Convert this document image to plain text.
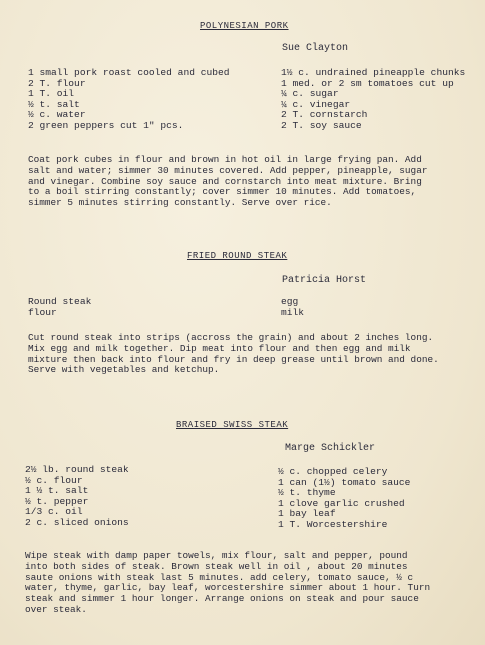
POLYNESIAN PORK
Sue Clayton
1 small pork roast cooled and cubed
2 T. flour
1 T. oil
½ t. salt
½ c. water
2 green peppers cut 1" pcs.
1½ c. undrained pineapple chunks
1 med. or 2 sm tomatoes cut up
¼ c. sugar
¼ c. vinegar
2 T. cornstarch
2 T. soy sauce
Coat pork cubes in flour and brown in hot oil in large frying pan. Add
salt and water; simmer 30 minutes covered. Add pepper, pineapple, sugar
and vinegar. Combine soy sauce and cornstarch into meat mixture. Bring
to a boil stirring constantly; cover simmer 10 minutes. Add tomatoes,
simmer 5 minutes stirring constantly. Serve over rice.
FRIED ROUND STEAK
Patricia Horst
Round steak
flour
egg
milk
Cut round steak into strips (accross the grain) and about 2 inches long.
Mix egg and milk together. Dip meat into flour and then egg and milk
mixture then back into flour and fry in deep grease until brown and done.
Serve with vegetables and ketchup.
BRAISED SWISS STEAK
Marge Schickler
2½ lb. round steak
½ c. flour
1 ½ t. salt
½ t. pepper
1/3 c. oil
2 c. sliced onions
½ c. chopped celery
1 can (1½) tomato sauce
½ t. thyme
1 clove garlic crushed
1 bay leaf
1 T. Worcestershire
Wipe steak with damp paper towels, mix flour, salt and pepper, pound
into both sides of steak. Brown steak well in oil , about 20 minutes
saute onions with steak last 5 minutes. add celery, tomato sauce, ½ c
water, thyme, garlic, bay leaf, worcestershire simmer about 1 hour. Turn
steak and simmer 1 hour longer. Arrange onions on steak and pour sauce
over steak.
